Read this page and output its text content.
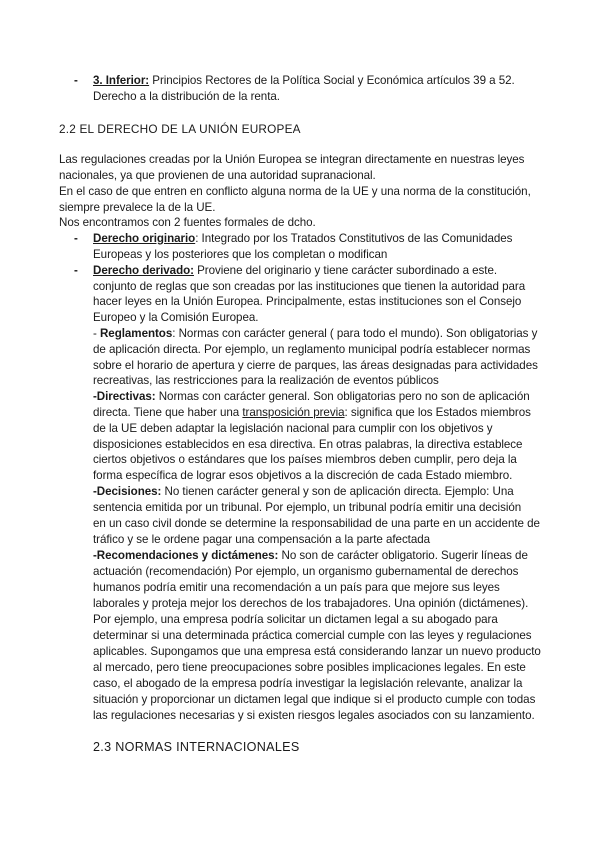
- 3. Inferior: Principios Rectores de la Política Social y Económica artículos 39 a 52.
Derecho a la distribución de la renta.
2.2 EL DERECHO DE LA UNIÓN EUROPEA
Las regulaciones creadas por la Unión Europea se integran directamente en nuestras leyes
nacionales, ya que provienen de una autoridad supranacional.
En el caso de que entren en conflicto alguna norma de la UE y una norma de la constitución,
siempre prevalece la de la UE.
Nos encontramos con 2 fuentes formales de dcho.
- Derecho originario: Integrado por los Tratados Constitutivos de las Comunidades
Europeas y los posteriores que los completan o modifican
- Derecho derivado: Proviene del originario y tiene carácter subordinado a este.
conjunto de reglas que son creadas por las instituciones que tienen la autoridad para
hacer leyes en la Unión Europea. Principalmente, estas instituciones son el Consejo
Europeo y la Comisión Europea.
- Reglamentos: Normas con carácter general ( para todo el mundo). Son obligatorias y
de aplicación directa. Por ejemplo, un reglamento municipal podría establecer normas
sobre el horario de apertura y cierre de parques, las áreas designadas para actividades
recreativas, las restricciones para la realización de eventos públicos
-Directivas: Normas con carácter general. Son obligatorias pero no son de aplicación
directa. Tiene que haber una transposición previa: significa que los Estados miembros
de la UE deben adaptar la legislación nacional para cumplir con los objetivos y
disposiciones establecidos en esa directiva. En otras palabras, la directiva establece
ciertos objetivos o estándares que los países miembros deben cumplir, pero deja la
forma específica de lograr esos objetivos a la discreción de cada Estado miembro.
-Decisiones: No tienen carácter general y son de aplicación directa. Ejemplo: Una
sentencia emitida por un tribunal. Por ejemplo, un tribunal podría emitir una decisión
en un caso civil donde se determine la responsabilidad de una parte en un accidente de
tráfico y se le ordene pagar una compensación a la parte afectada
-Recomendaciones y dictámenes: No son de carácter obligatorio. Sugerir líneas de
actuación (recomendación) Por ejemplo, un organismo gubernamental de derechos
humanos podría emitir una recomendación a un país para que mejore sus leyes
laborales y proteja mejor los derechos de los trabajadores. Una opinión (dictámenes).
Por ejemplo, una empresa podría solicitar un dictamen legal a su abogado para
determinar si una determinada práctica comercial cumple con las leyes y regulaciones
aplicables. Supongamos que una empresa está considerando lanzar un nuevo producto
al mercado, pero tiene preocupaciones sobre posibles implicaciones legales. En este
caso, el abogado de la empresa podría investigar la legislación relevante, analizar la
situación y proporcionar un dictamen legal que indique si el producto cumple con todas
las regulaciones necesarias y si existen riesgos legales asociados con su lanzamiento.
2.3 NORMAS INTERNACIONALES
